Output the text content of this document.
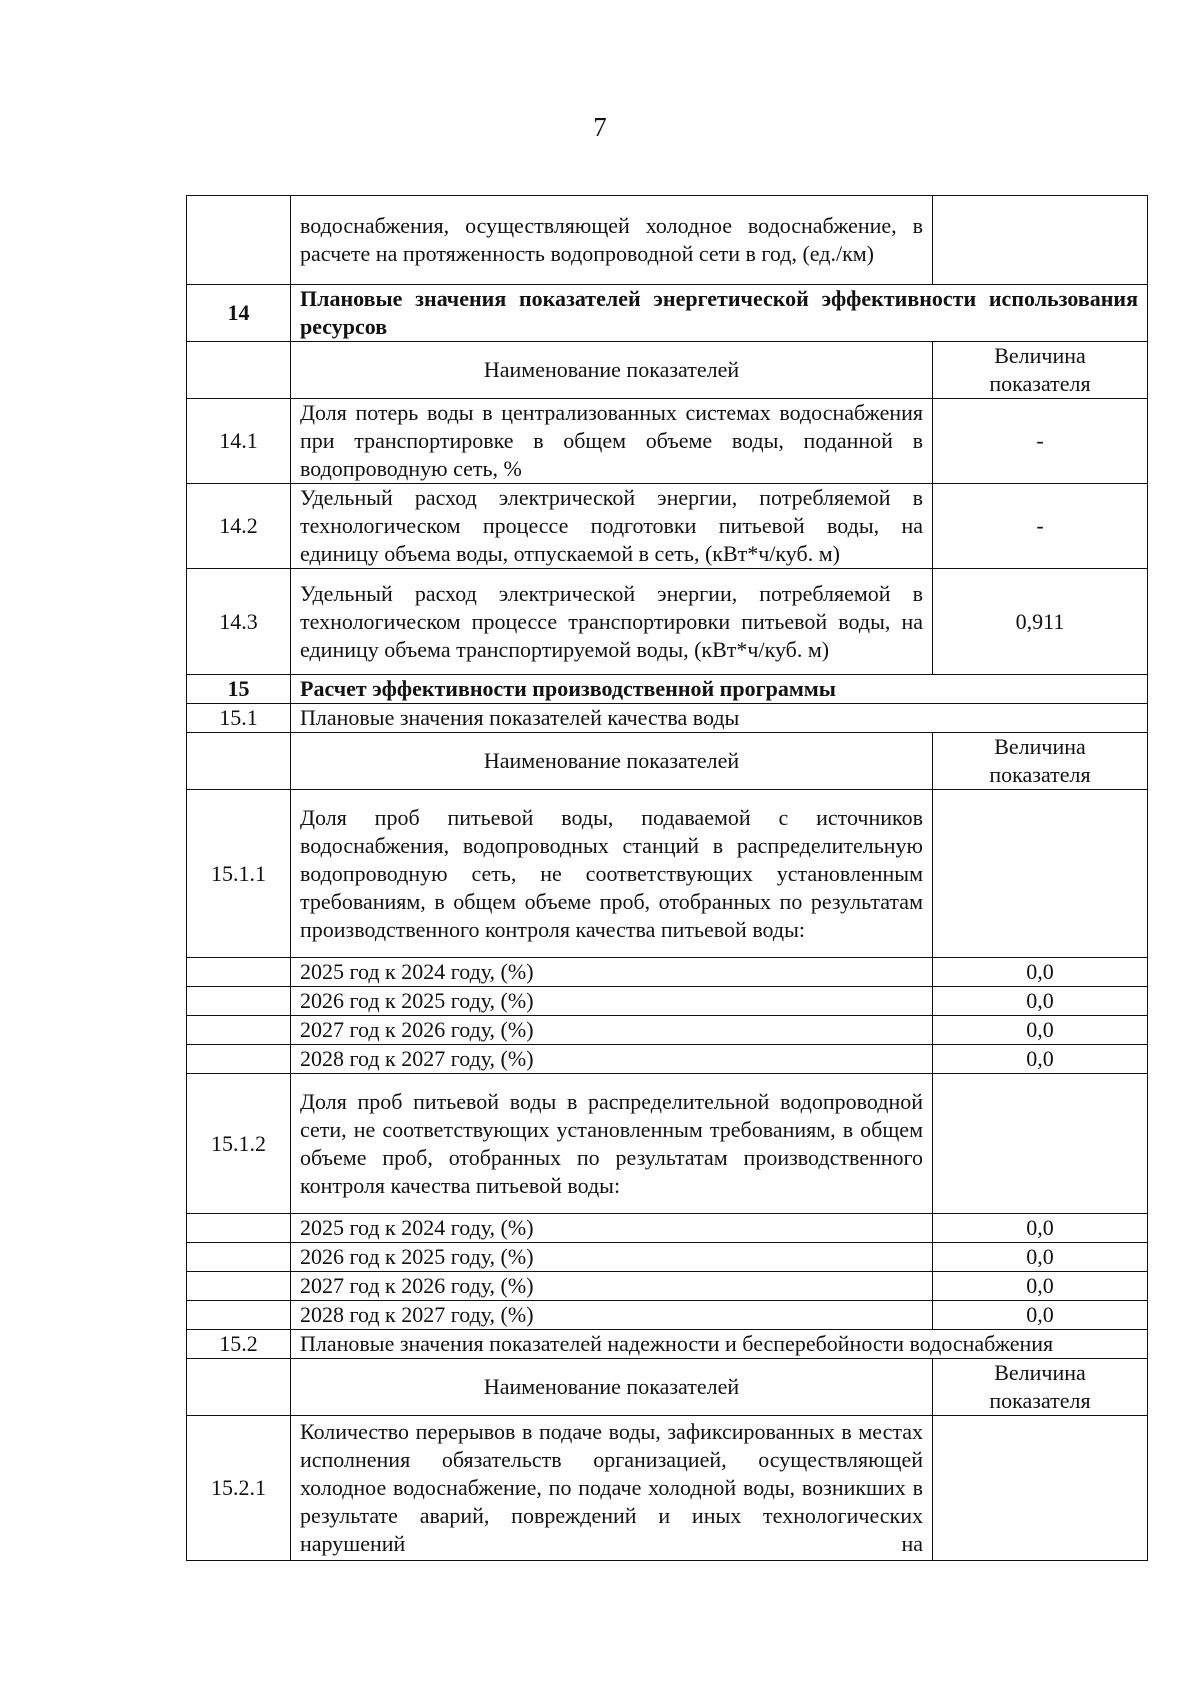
7
	водоснабжения, осуществляющей холодное водоснабжение, в расчете на протяженность водопроводной сети в год, (ед./км)	
14	Плановые значения показателей энергетической эффективности использования ресурсов	
	Наименование показателей	Величина показателя
14.1	Доля потерь воды в централизованных системах водоснабжения при транспортировке в общем объеме воды, поданной в водопроводную сеть, %	-
14.2	Удельный расход электрической энергии, потребляемой в технологическом процессе подготовки питьевой воды, на единицу объема воды, отпускаемой в сеть, (кВт*ч/куб. м)	-
14.3	Удельный расход электрической энергии, потребляемой в технологическом процессе транспортировки питьевой воды, на единицу объема транспортируемой воды, (кВт*ч/куб. м)	0,911
15	Расчет эффективности производственной программы	
15.1	Плановые значения показателей качества воды	
	Наименование показателей	Величина показателя
15.1.1	Доля проб питьевой воды, подаваемой с источников водоснабжения, водопроводных станций в распределительную водопроводную сеть, не соответствующих установленным требованиям, в общем объеме проб, отобранных по результатам производственного контроля качества питьевой воды:	
	2025 год к 2024 году, (%)	0,0
	2026 год к 2025 году, (%)	0,0
	2027 год к 2026 году, (%)	0,0
	2028 год к 2027 году, (%)	0,0
15.1.2	Доля проб питьевой воды в распределительной водопроводной сети, не соответствующих установленным требованиям, в общем объеме проб, отобранных по результатам производственного контроля качества питьевой воды:	
	2025 год к 2024 году, (%)	0,0
	2026 год к 2025 году, (%)	0,0
	2027 год к 2026 году, (%)	0,0
	2028 год к 2027 году, (%)	0,0
15.2	Плановые значения показателей надежности и бесперебойности водоснабжения	
	Наименование показателей	Величина показателя
15.2.1	Количество перерывов в подаче воды, зафиксированных в местах исполнения обязательств организацией, осуществляющей холодное водоснабжение, по подаче холодной воды, возникших в результате аварий, повреждений и иных технологических нарушений на	
